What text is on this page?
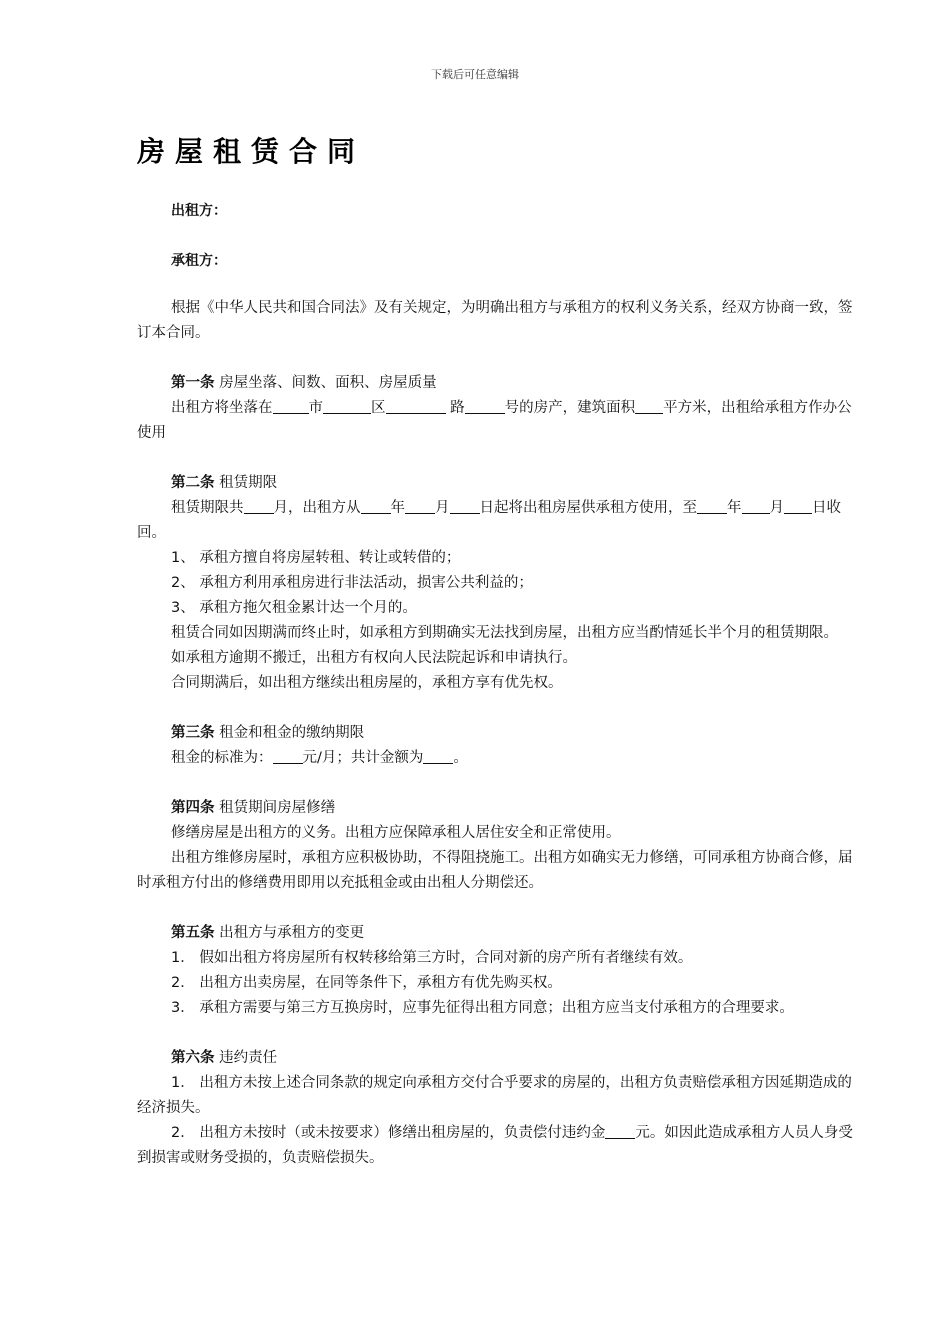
下载后可任意编辑
房屋租赁合同
出租方：
承租方：

根据《中华人民共和国合同法》及有关规定，为明确出租方与承租方的权利义务关系，经双方协商一致，签订本合同。

第一条 房屋坐落、间数、面积、房屋质量

出租方将坐落在 市	区	路	号的房产，建筑面积 平方米，出租给承租方作办公使用

第二条 租赁期限

租赁期限共 月，出租方从 年 月 日起将出租房屋供承租方使用，至 年 月 日收回。

1、 承租方擅自将房屋转租、转让或转借的；

2、 承租方利用承租房进行非法活动，损害公共利益的；

3、 承租方拖欠租金累计达一个月的。

租赁合同如因期满而终止时，如承租方到期确实无法找到房屋，出租方应当酌情延长半个月的租赁期限。

如承租方逾期不搬迁，出租方有权向人民法院起诉和申请执行。

合同期满后，如出租方继续出租房屋的，承租方享有优先权。

第三条 租金和租金的缴纳期限

租金的标准为： 元/月；共计金额为 。

第四条 租赁期间房屋修缮

修缮房屋是出租方的义务。出租方应保障承租人居住安全和正常使用。

出租方维修房屋时，承租方应积极协助，不得阻挠施工。出租方如确实无力修缮，可同承租方协商合修，届时承租方付出的修缮费用即用以充抵租金或由出租人分期偿还。

第五条 出租方与承租方的变更

1． 假如出租方将房屋所有权转移给第三方时，合同对新的房产所有者继续有效。

2． 出租方出卖房屋，在同等条件下，承租方有优先购买权。

3． 承租方需要与第三方互换房时，应事先征得出租方同意；出租方应当支付承租方的合理要求。

第六条 违约责任

1． 出租方未按上述合同条款的规定向承租方交付合乎要求的房屋的，出租方负责赔偿承租方因延期造成的经济损失。

2． 出租方未按时（或未按要求）修缮出租房屋的，负责偿付违约金 元。如因此造成承租方人员人身受到损害或财务受损的，负责赔偿损失。
